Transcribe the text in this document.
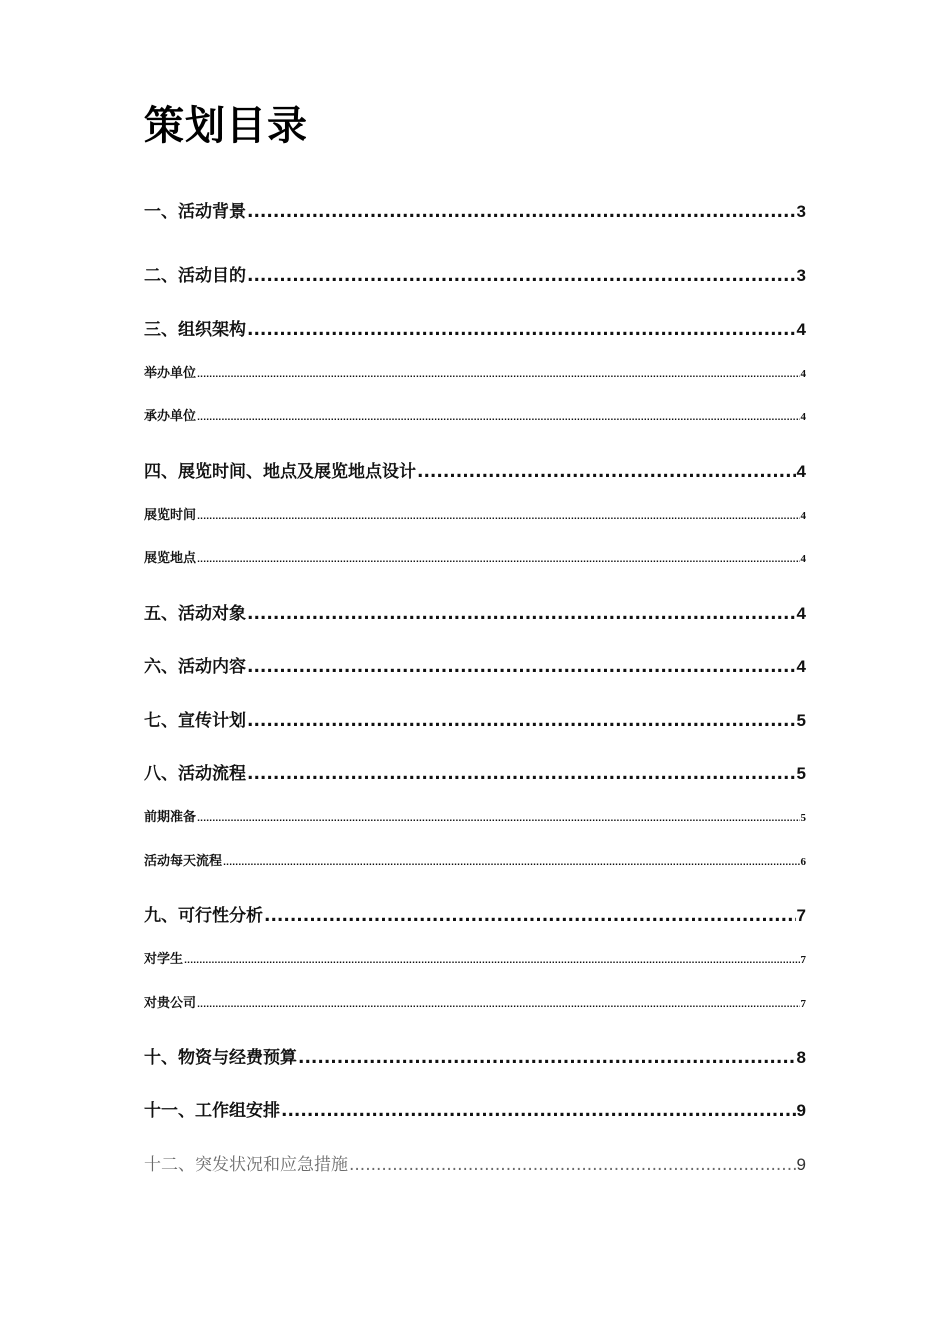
策划目录
一、活动背景 .....	3
二、活动目的 .....	3
三、组织架构 .....	4
举办单位 .....	4
承办单位 .....	4
四、展览时间、地点及展览地点设计 .....	4
展览时间 .....	4
展览地点 .....	4
五、活动对象 .....	4
六、活动内容 .....	4
七、宣传计划 .....	5
八、活动流程 .....	5
前期准备 .....	5
活动每天流程 .....	6
九、可行性分析 .....	7
对学生 .....	7
对贵公司 .....	7
十、物资与经费预算 .....	8
十一、工作组安排 .....	9
十二、突发状况和应急措施 .....	9
